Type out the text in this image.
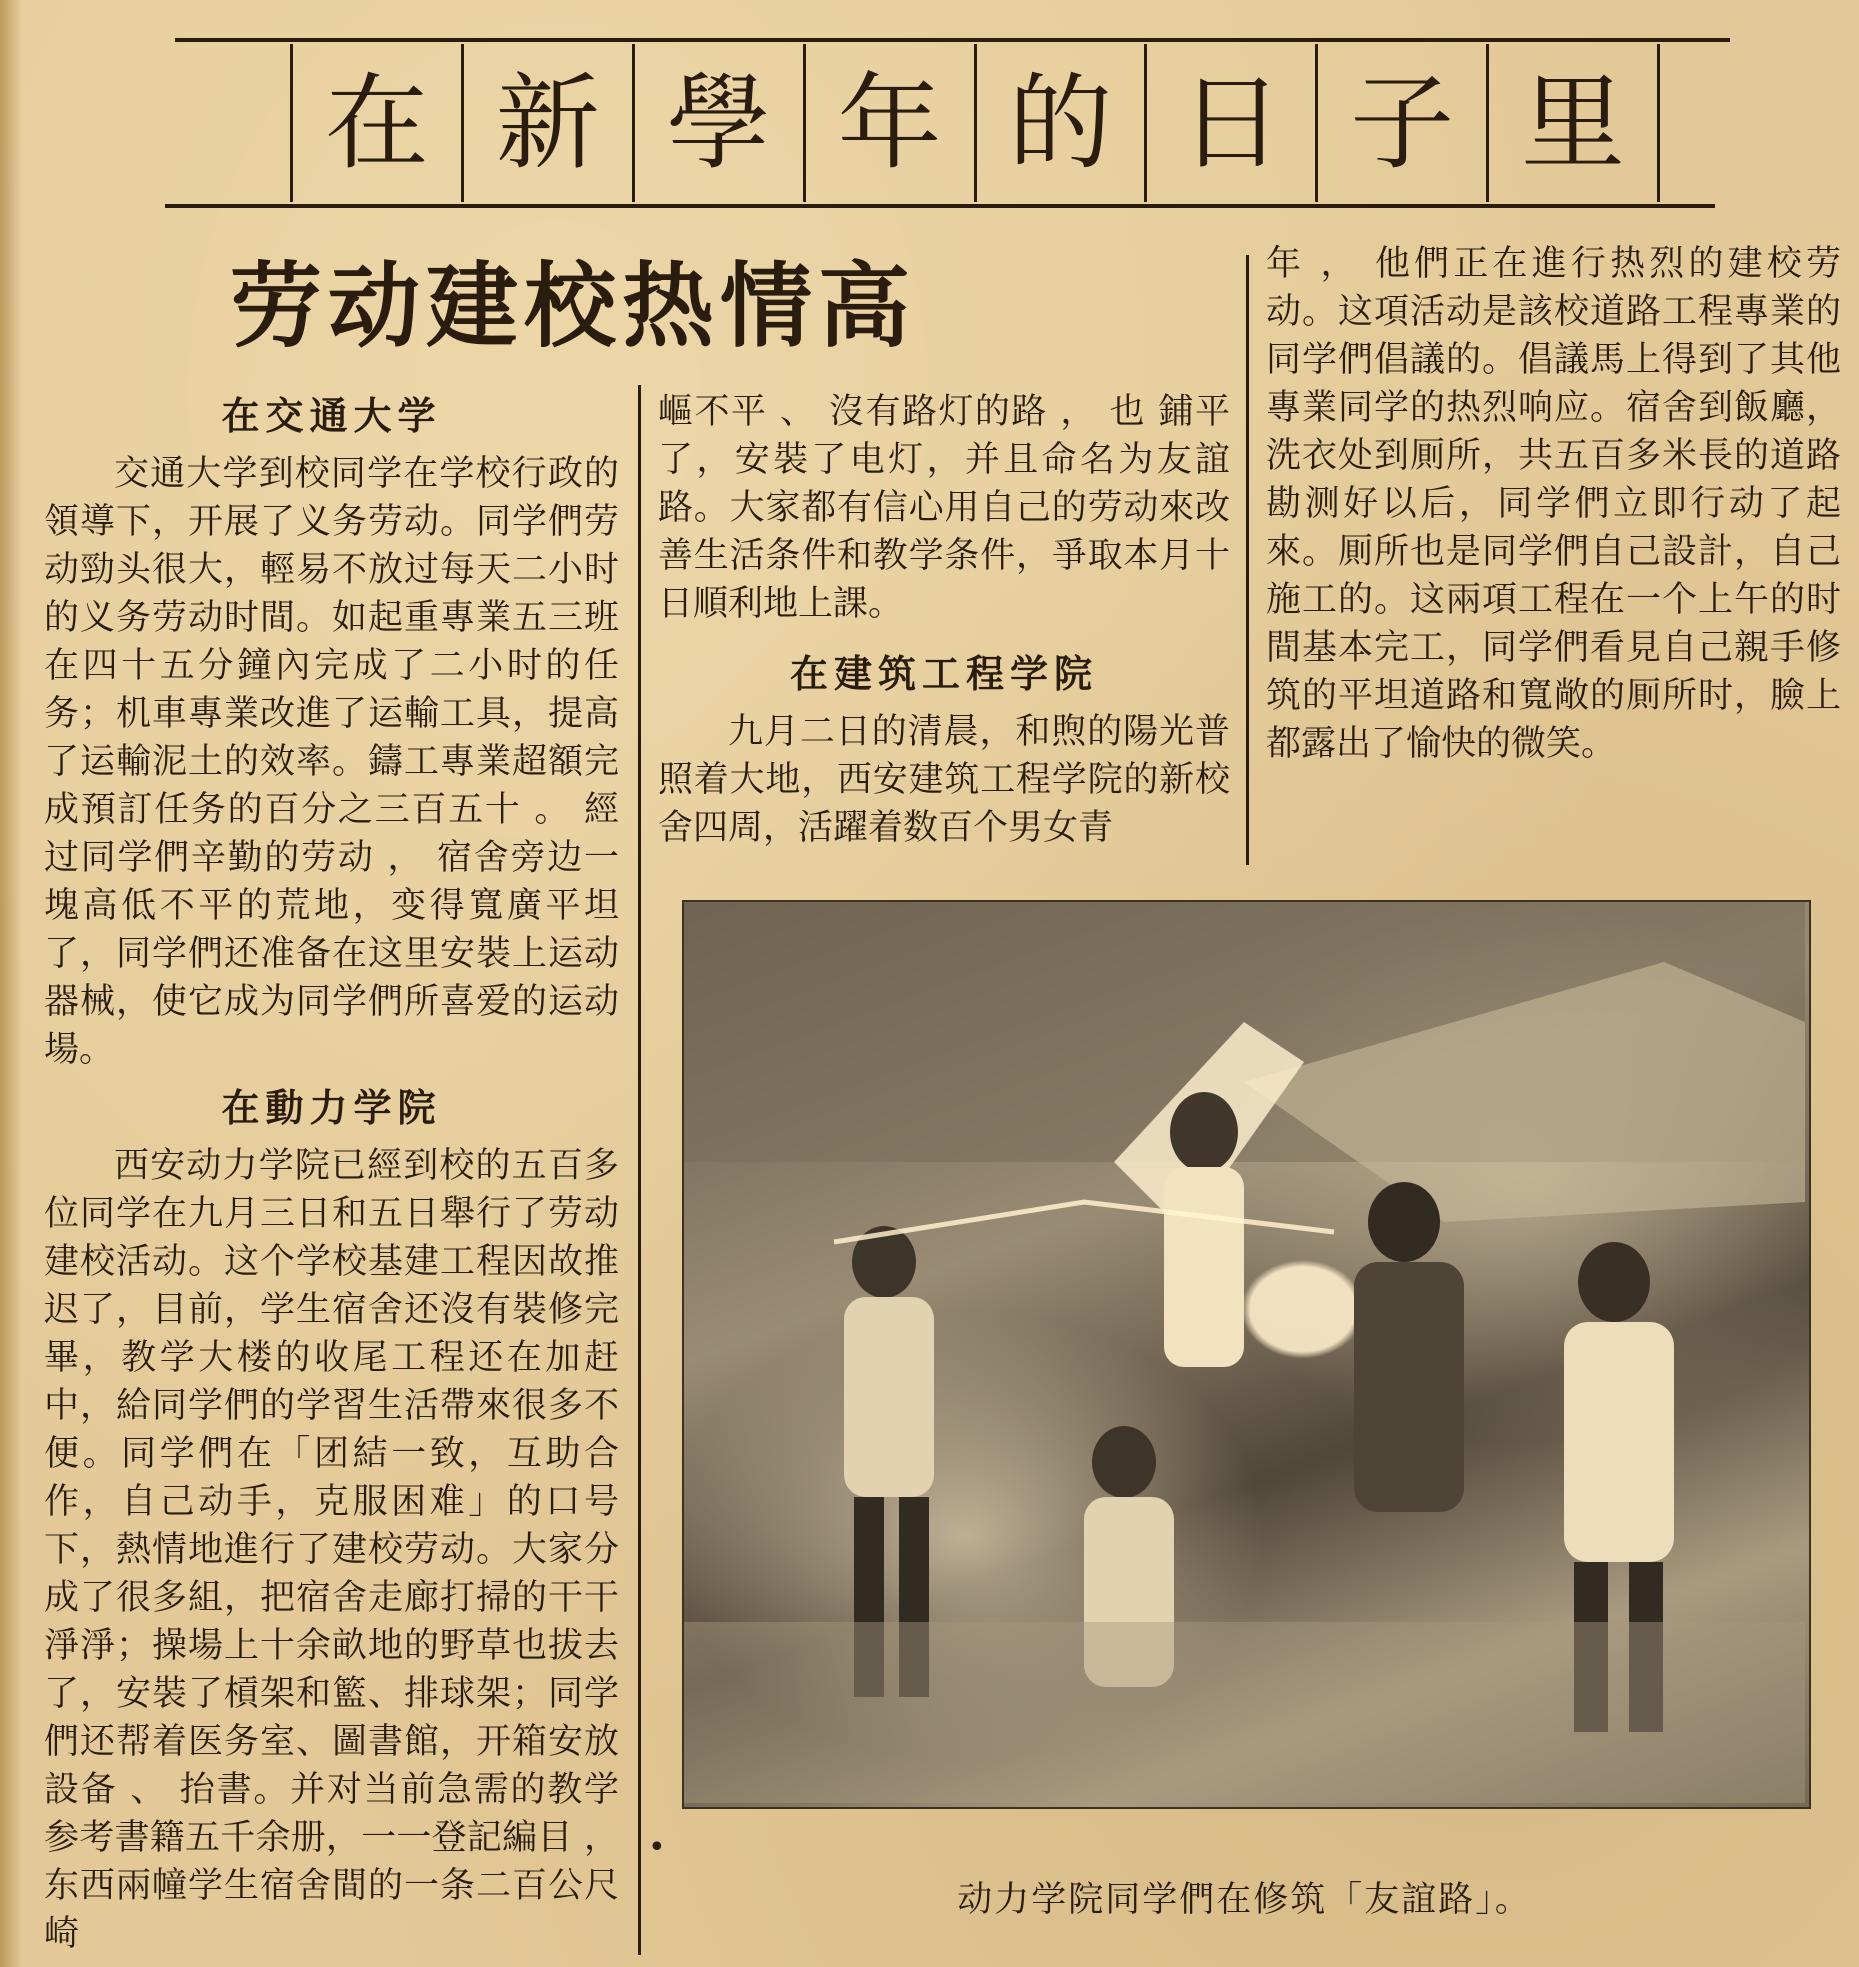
在 新 學 年 的 日 子 里
劳动建校热情高
在交通大学

交通大学到校同学在学校行政的領導下，开展了义务劳动。同学們劳动勁头很大，輕易不放过每天二小时的义务劳动时間。如起重專業五三班在四十五分鐘內完成了二小时的任务；机車專業改進了运輸工具，提高了运輸泥土的效率。鑄工專業超額完成預訂任务的百分之三百五十 。 經过同学們辛勤的劳动 ， 宿舍旁边一塊高低不平的荒地，变得寬廣平坦了，同学們还准备在这里安裝上运动器械，使它成为同学們所喜爱的运动場。

在動力学院

西安动力学院已經到校的五百多位同学在九月三日和五日舉行了劳动建校活动。这个学校基建工程因故推迟了，目前，学生宿舍还沒有裝修完畢，教学大楼的收尾工程还在加赶中，給同学們的学習生活帶來很多不便。同学們在「团結一致，互助合作，自己动手，克服困难」的口号下，熱情地進行了建校劳动。大家分成了很多組，把宿舍走廊打掃的干干淨淨；操場上十余畝地的野草也拔去了，安裝了槓架和籃、排球架；同学們还帮着医务室、圖書館，开箱安放設备 、 抬書。并对当前急需的教学参考書籍五千余册，一一登記編目 ， 东西兩幢学生宿舍間的一条二百公尺崎

嶇不平 、 沒有路灯的路 ， 也 鋪平了，安裝了电灯，并且命名为友誼路。大家都有信心用自己的劳动來改善生活条件和教学条件，爭取本月十日順利地上課。

在建筑工程学院

九月二日的清晨，和煦的陽光普照着大地，西安建筑工程学院的新校舍四周，活躍着数百个男女青

年 ， 他們正在進行热烈的建校劳动。这項活动是該校道路工程專業的同学們倡議的。倡議馬上得到了其他專業同学的热烈响应。宿舍到飯廳，洗衣处到厠所，共五百多米長的道路勘测好以后，同学們立即行动了起來。厠所也是同学們自己設計，自己施工的。这兩項工程在一个上午的时間基本完工，同学們看見自己親手修筑的平坦道路和寬敞的厠所时，臉上都露出了愉快的微笑。

动力学院同学們在修筑「友誼路」。
•
